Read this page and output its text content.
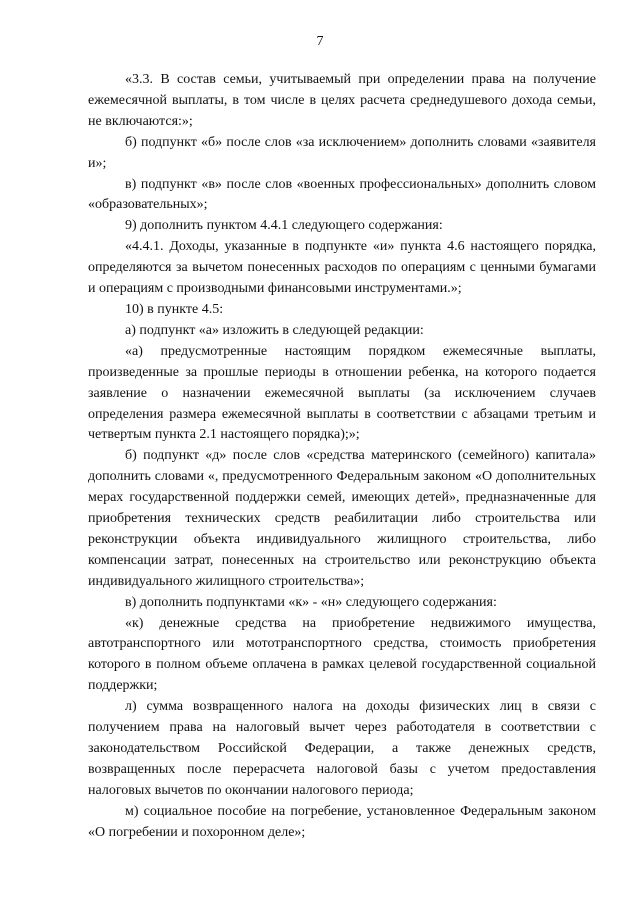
7

«3.3. В состав семьи, учитываемый при определении права на получение ежемесячной выплаты, в том числе в целях расчета среднедушевого дохода семьи, не включаются:»;

б) подпункт «б» после слов «за исключением» дополнить словами «заявителя и»;

в) подпункт «в» после слов «военных профессиональных» дополнить словом «образовательных»;

9) дополнить пунктом 4.4.1 следующего содержания:

«4.4.1. Доходы, указанные в подпункте «и» пункта 4.6 настоящего порядка, определяются за вычетом понесенных расходов по операциям с ценными бумагами и операциям с производными финансовыми инструментами.»;

10) в пункте 4.5:

а) подпункт «а» изложить в следующей редакции:

«а) предусмотренные настоящим порядком ежемесячные выплаты, произведенные за прошлые периоды в отношении ребенка, на которого подается заявление о назначении ежемесячной выплаты (за исключением случаев определения размера ежемесячной выплаты в соответствии с абзацами третьим и четвертым пункта 2.1 настоящего порядка);»;

б) подпункт «д» после слов «средства материнского (семейного) капитала» дополнить словами «, предусмотренного Федеральным законом «О дополнительных мерах государственной поддержки семей, имеющих детей», предназначенные для приобретения технических средств реабилитации либо строительства или реконструкции объекта индивидуального жилищного строительства, либо компенсации затрат, понесенных на строительство или реконструкцию объекта индивидуального жилищного строительства»;

в) дополнить подпунктами «к» - «н» следующего содержания:

«к) денежные средства на приобретение недвижимого имущества, автотранспортного или мототранспортного средства, стоимость приобретения которого в полном объеме оплачена в рамках целевой государственной социальной поддержки;

л) сумма возвращенного налога на доходы физических лиц в связи с получением права на налоговый вычет через работодателя в соответствии с законодательством Российской Федерации, а также денежных средств, возвращенных после перерасчета налоговой базы с учетом предоставления налоговых вычетов по окончании налогового периода;

м) социальное пособие на погребение, установленное Федеральным законом «О погребении и похоронном деле»;
